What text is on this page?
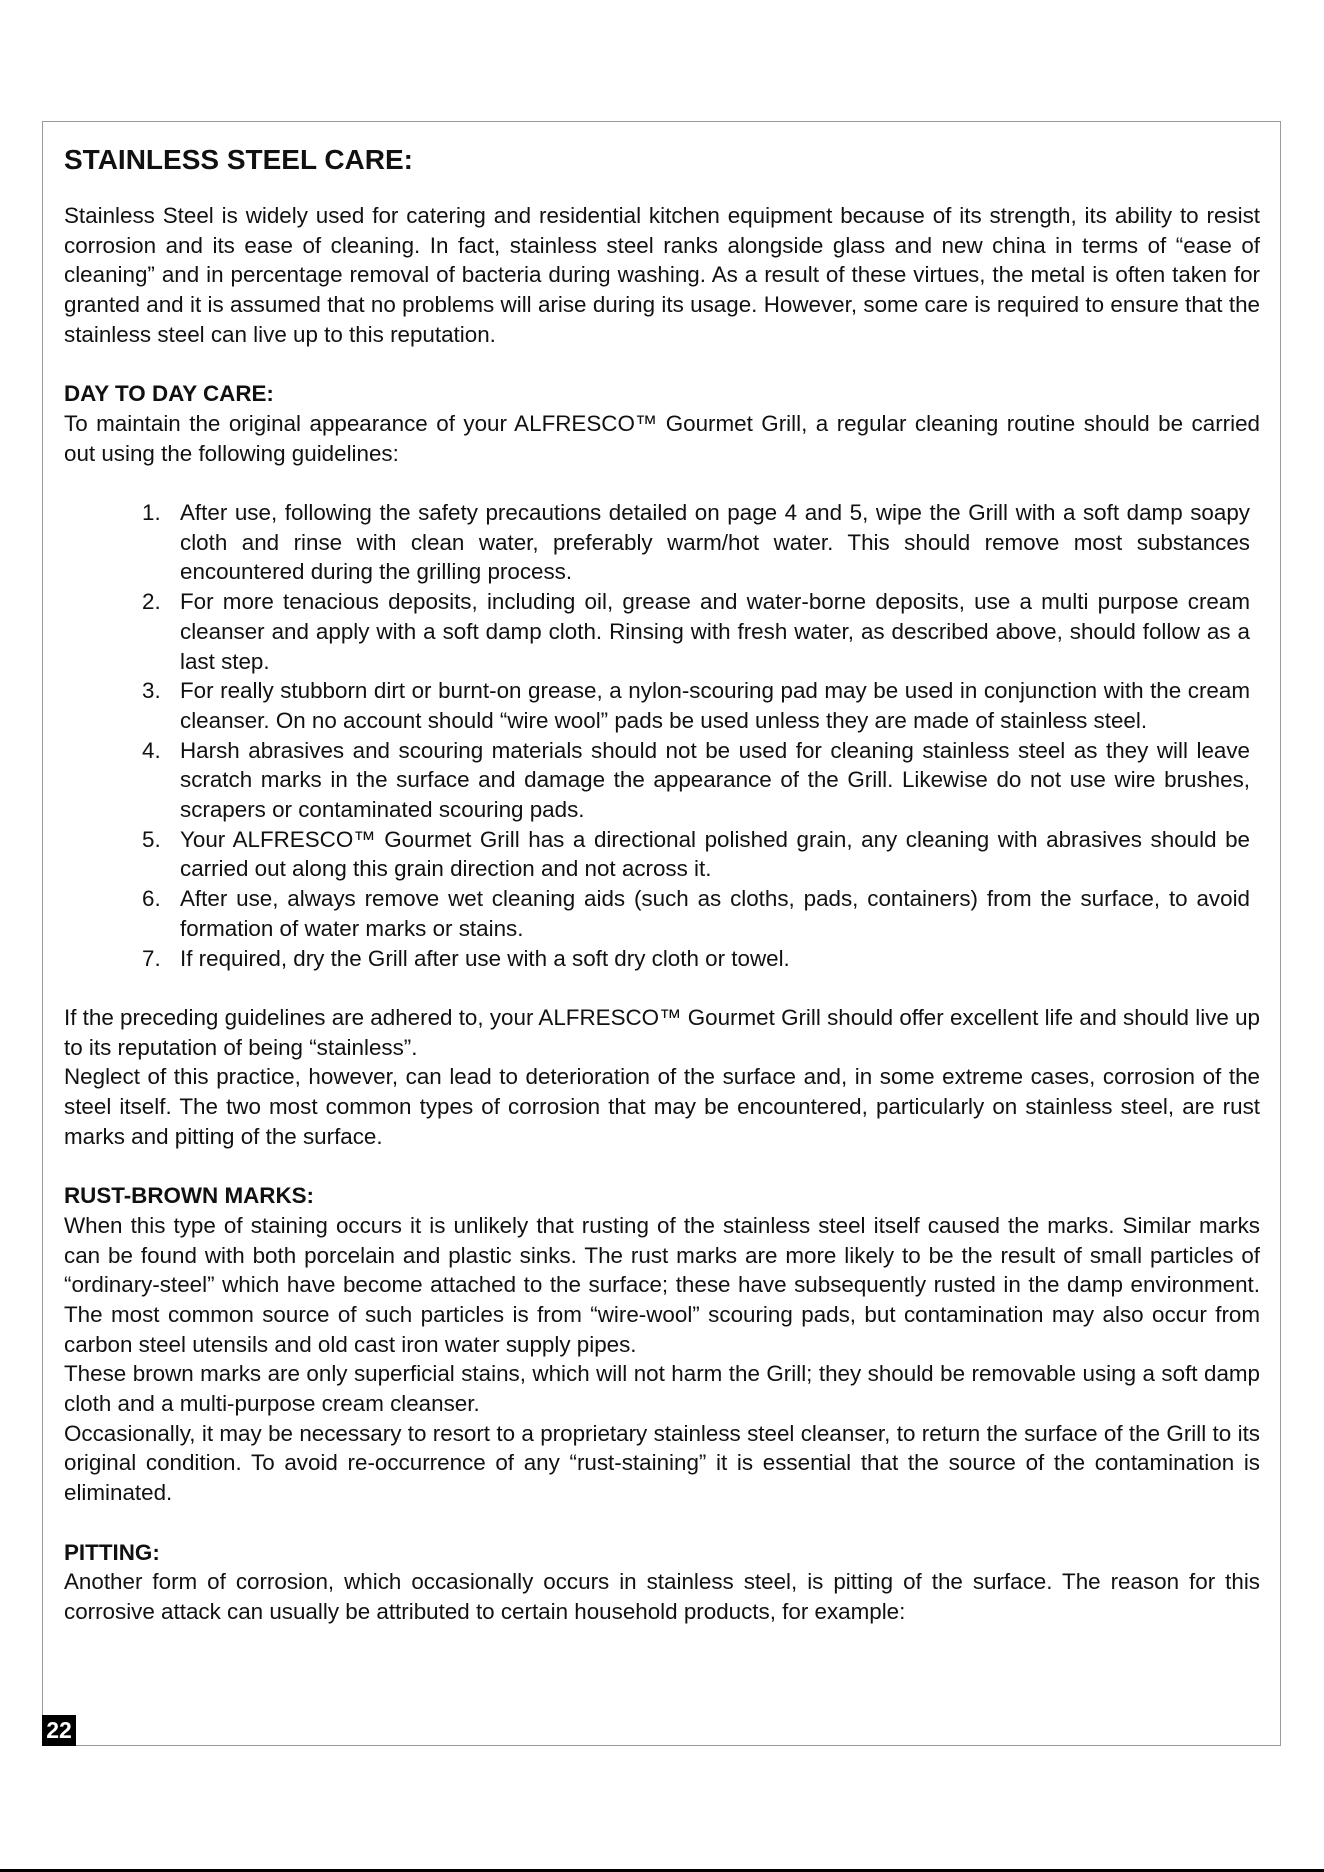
STAINLESS STEEL CARE:

Stainless Steel is widely used for catering and residential kitchen equipment because of its strength, its ability to resist corrosion and its ease of cleaning. In fact, stainless steel ranks alongside glass and new china in terms of “ease of cleaning” and in percentage removal of bacteria during washing. As a result of these virtues, the metal is often taken for granted and it is assumed that no problems will arise during its usage. However, some care is required to ensure that the stainless steel can live up to this reputation.

DAY TO DAY CARE:

To maintain the original appearance of your ALFRESCO™ Gourmet Grill, a regular cleaning routine should be carried out using the following guidelines:

1. After use, following the safety precautions detailed on page 4 and 5, wipe the Grill with a soft damp soapy cloth and rinse with clean water, preferably warm/hot water. This should remove most substances encountered during the grilling process.
2. For more tenacious deposits, including oil, grease and water-borne deposits, use a multi purpose cream cleanser and apply with a soft damp cloth. Rinsing with fresh water, as described above, should follow as a last step.
3. For really stubborn dirt or burnt-on grease, a nylon-scouring pad may be used in conjunction with the cream cleanser. On no account should “wire wool” pads be used unless they are made of stainless steel.
4. Harsh abrasives and scouring materials should not be used for cleaning stainless steel as they will leave scratch marks in the surface and damage the appearance of the Grill. Likewise do not use wire brushes, scrapers or contaminated scouring pads.
5. Your ALFRESCO™ Gourmet Grill has a directional polished grain, any cleaning with abrasives should be carried out along this grain direction and not across it.
6. After use, always remove wet cleaning aids (such as cloths, pads, containers) from the surface, to avoid formation of water marks or stains.
7. If required, dry the Grill after use with a soft dry cloth or towel.

If the preceding guidelines are adhered to, your ALFRESCO™ Gourmet Grill should offer excellent life and should live up to its reputation of being “stainless”.

Neglect of this practice, however, can lead to deterioration of the surface and, in some extreme cases, corrosion of the steel itself. The two most common types of corrosion that may be encountered, particularly on stainless steel, are rust marks and pitting of the surface.

RUST-BROWN MARKS:

When this type of staining occurs it is unlikely that rusting of the stainless steel itself caused the marks. Similar marks can be found with both porcelain and plastic sinks. The rust marks are more likely to be the result of small particles of “ordinary-steel” which have become attached to the surface; these have subsequently rusted in the damp environment. The most common source of such particles is from “wire-wool” scouring pads, but contamination may also occur from carbon steel utensils and old cast iron water supply pipes.

These brown marks are only superficial stains, which will not harm the Grill; they should be removable using a soft damp cloth and a multi-purpose cream cleanser.

Occasionally, it may be necessary to resort to a proprietary stainless steel cleanser, to return the surface of the Grill to its original condition. To avoid re-occurrence of any “rust-staining” it is essential that the source of the contamination is eliminated.

PITTING:

Another form of corrosion, which occasionally occurs in stainless steel, is pitting of the surface. The reason for this corrosive attack can usually be attributed to certain household products, for example:

22
